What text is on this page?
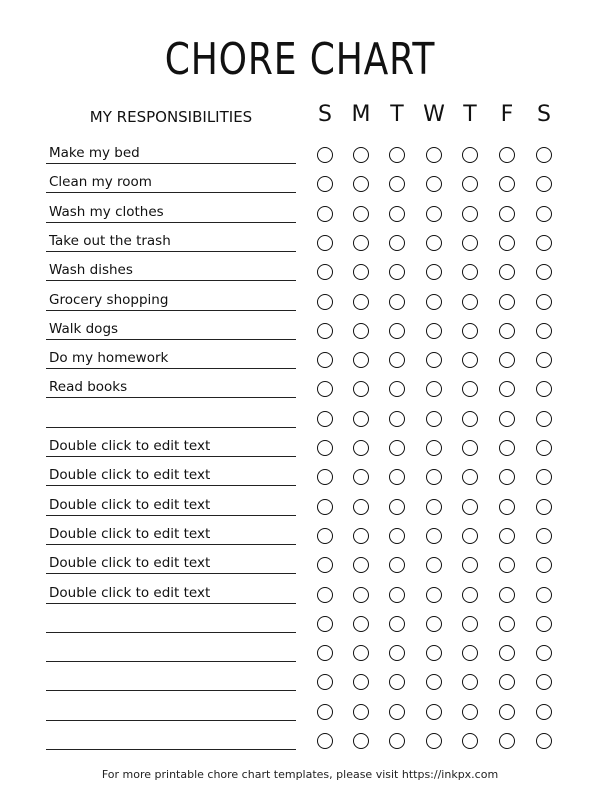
CHORE CHART
MY RESPONSIBILITIES	S M T W T F S
Make my bed
Clean my room
Wash my clothes
Take out the trash
Wash dishes
Grocery shopping
Walk dogs
Do my homework
Read books
Double click to edit text
Double click to edit text
Double click to edit text
Double click to edit text
Double click to edit text
Double click to edit text
For more printable chore chart templates, please visit https://inkpx.com
